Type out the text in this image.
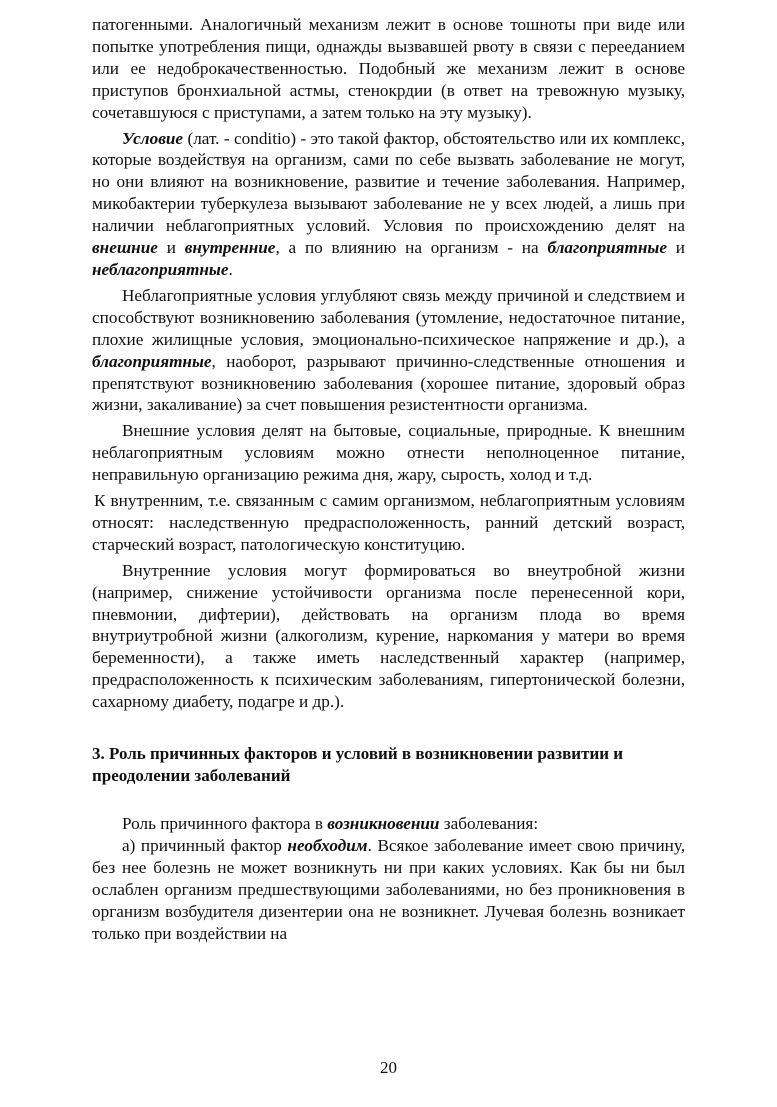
патогенными. Аналогичный механизм лежит в основе тошноты при виде или попытке употребления пищи, однажды вызвавшей рвоту в связи с перееданием или ее недоброкачественностью. Подобный же механизм лежит в основе приступов бронхиальной астмы, стенокрдии (в ответ на тревожную музыку, сочетавшуюся с приступами, а затем только на эту музыку).

Условие (лат. - conditio) - это такой фактор, обстоятельство или их комплекс, которые воздействуя на организм, сами по себе вызвать заболевание не могут, но они влияют на возникновение, развитие и течение заболевания. Например, микобактерии туберкулеза вызывают заболевание не у всех людей, а лишь при наличии неблагоприятных условий. Условия по происхождению делят на внешние и внутренние, а по влиянию на организм - на благоприятные и неблагоприятные.

Неблагоприятные условия углубляют связь между причиной и следствием и способствуют возникновению заболевания (утомление, недостаточное питание, плохие жилищные условия, эмоционально-психическое напряжение и др.), а благоприятные, наоборот, разрывают причинно-следственные отношения и препятствуют возникновению заболевания (хорошее питание, здоровый образ жизни, закаливание) за счет повышения резистентности организма.

Внешние условия делят на бытовые, социальные, природные. К внешним неблагоприятным условиям можно отнести неполноценное питание, неправильную организацию режима дня, жару, сырость, холод и т.д.

К внутренним, т.е. связанным с самим организмом, неблагоприятным условиям относят: наследственную предрасположенность, ранний детский возраст, старческий возраст, патологическую конституцию.

Внутренние условия могут формироваться во внеутробной жизни (например, снижение устойчивости организма после перенесенной кори, пневмонии, дифтерии), действовать на организм плода во время внутриутробной жизни (алкоголизм, курение, наркомания у матери во время беременности), а также иметь наследственный характер (например, предрасположенность к психическим заболеваниям, гипертонической болезни, сахарному диабету, подагре и др.).

3. Роль причинных факторов и условий в возникновении развитии и преодолении заболеваний

Роль причинного фактора в возникновении заболевания:

а) причинный фактор необходим. Всякое заболевание имеет свою причину, без нее болезнь не может возникнуть ни при каких условиях. Как бы ни был ослаблен организм предшествующими заболеваниями, но без проникновения в организм возбудителя дизентерии она не возникнет. Лучевая болезнь возникает только при воздействии на

20
